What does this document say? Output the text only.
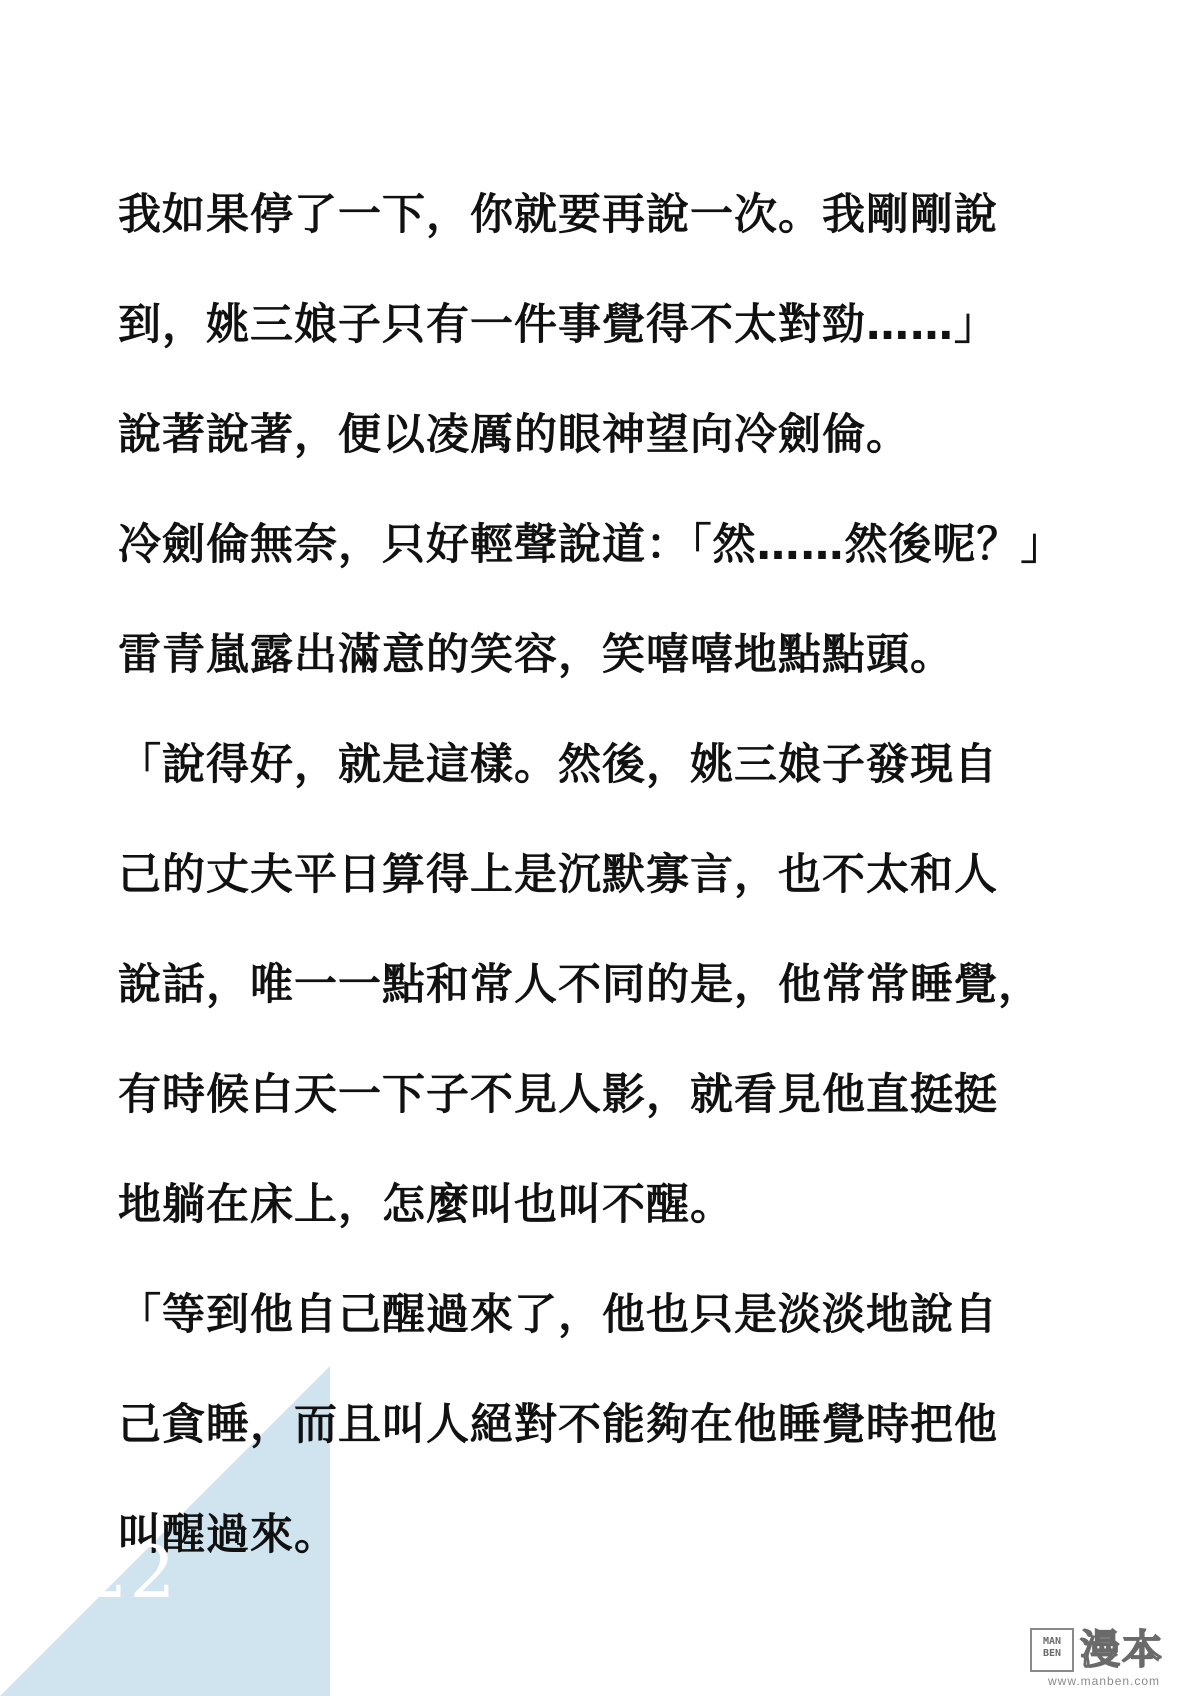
我如果停了一下，你就要再說一次。我剛剛說
到，姚三娘子只有一件事覺得不太對勁……」
說著說著，便以凌厲的眼神望向冷劍倫。
冷劍倫無奈，只好輕聲說道：「然……然後呢？」
雷青嵐露出滿意的笑容，笑嘻嘻地點點頭。
「說得好，就是這樣。然後，姚三娘子發現自
己的丈夫平日算得上是沉默寡言，也不太和人
說話，唯一一點和常人不同的是，他常常睡覺，
有時候白天一下子不見人影，就看見他直挺挺
地躺在床上，怎麼叫也叫不醒。
「等到他自己醒過來了，他也只是淡淡地說自
己貪睡，而且叫人絕對不能夠在他睡覺時把他
叫醒過來。
222
MAN BEN 漫本
www.manben.com
